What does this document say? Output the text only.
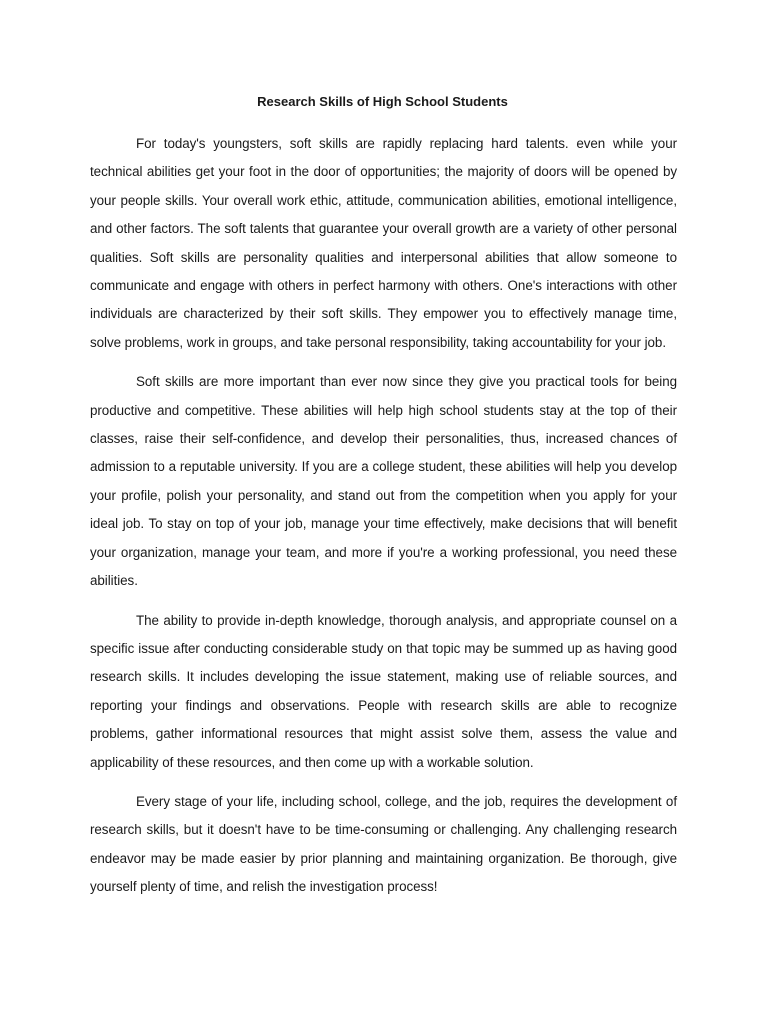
Research Skills of High School Students

For today's youngsters, soft skills are rapidly replacing hard talents. even while your technical abilities get your foot in the door of opportunities; the majority of doors will be opened by your people skills. Your overall work ethic, attitude, communication abilities, emotional intelligence, and other factors. The soft talents that guarantee your overall growth are a variety of other personal qualities. Soft skills are personality qualities and interpersonal abilities that allow someone to communicate and engage with others in perfect harmony with others. One's interactions with other individuals are characterized by their soft skills. They empower you to effectively manage time, solve problems, work in groups, and take personal responsibility, taking accountability for your job.

Soft skills are more important than ever now since they give you practical tools for being productive and competitive. These abilities will help high school students stay at the top of their classes, raise their self-confidence, and develop their personalities, thus, increased chances of admission to a reputable university. If you are a college student, these abilities will help you develop your profile, polish your personality, and stand out from the competition when you apply for your ideal job. To stay on top of your job, manage your time effectively, make decisions that will benefit your organization, manage your team, and more if you're a working professional, you need these abilities.

The ability to provide in-depth knowledge, thorough analysis, and appropriate counsel on a specific issue after conducting considerable study on that topic may be summed up as having good research skills. It includes developing the issue statement, making use of reliable sources, and reporting your findings and observations. People with research skills are able to recognize problems, gather informational resources that might assist solve them, assess the value and applicability of these resources, and then come up with a workable solution.

Every stage of your life, including school, college, and the job, requires the development of research skills, but it doesn't have to be time-consuming or challenging. Any challenging research endeavor may be made easier by prior planning and maintaining organization. Be thorough, give yourself plenty of time, and relish the investigation process!
